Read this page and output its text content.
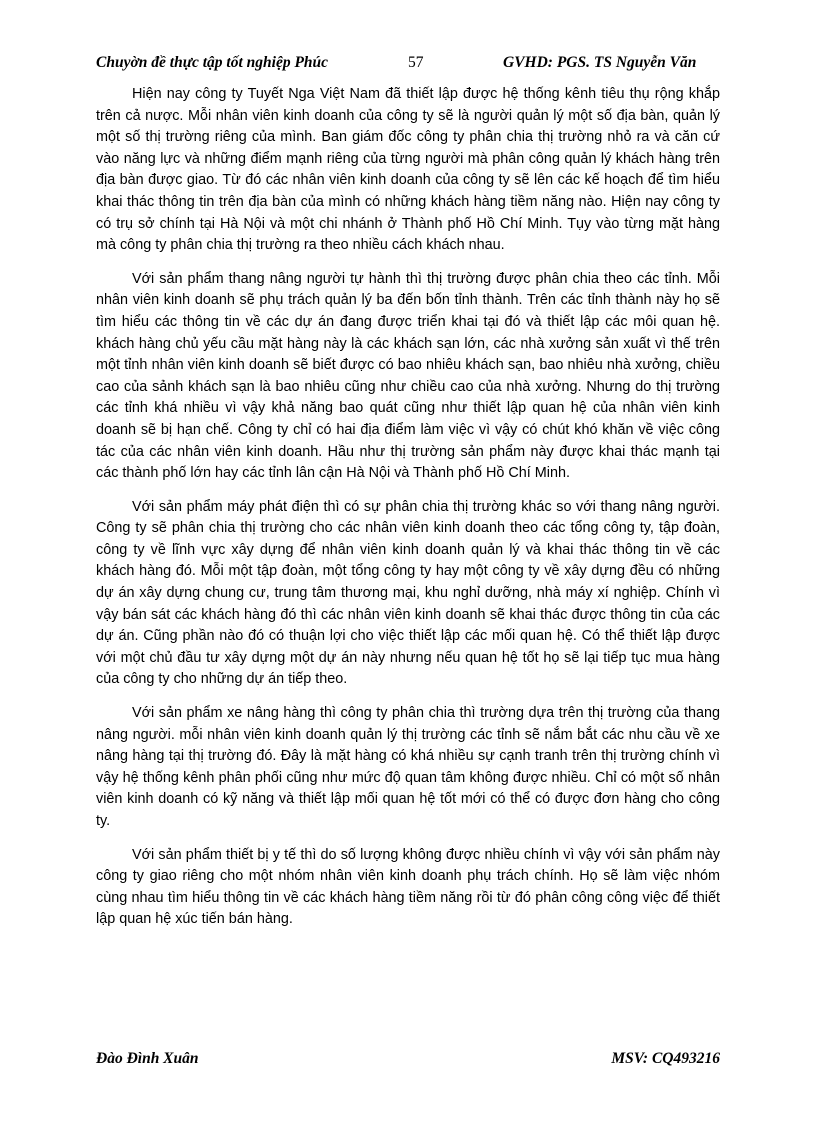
Chuyờn đề thực tập tốt nghiệp Phúc	57	GVHD: PGS. TS Nguyễn Văn

Hiện nay công ty Tuyết Nga Việt Nam đã thiết lập được hệ thống kênh tiêu thụ rộng khắp trên cả nược. Mỗi nhân viên kinh doanh của công ty sẽ là người quản lý một số địa bàn, quản lý một số thị trường riêng của mình. Ban giám đốc công ty phân chia thị trường nhỏ ra và căn cứ vào năng lực và những điểm mạnh riêng của từng người mà phân công quản lý khách hàng trên địa bàn được giao. Từ đó các nhân viên kinh doanh của công ty sẽ lên các kế hoạch để tìm hiểu khai thác thông tin trên địa bàn của mình có những khách hàng tiềm năng nào. Hiện nay công ty có trụ sở chính tại Hà Nội và một chi nhánh ở Thành phố Hồ Chí Minh. Tụy vào từng mặt hàng mà công ty phân chia thị trường ra theo nhiều cách khách nhau.

Với sản phẩm thang nâng người tự hành thì thị trường được phân chia theo các tỉnh. Mỗi nhân viên kinh doanh sẽ phụ trách quản lý ba đến bốn tỉnh thành. Trên các tỉnh thành này họ sẽ tìm hiểu các thông tin về các dự án đang được triển khai tại đó và thiết lập các môi quan hệ. khách hàng chủ yếu cầu mặt hàng này là các khách sạn lớn, các nhà xưởng sản xuất vì thế trên một tỉnh nhân viên kinh doanh sẽ biết được có bao nhiêu khách sạn, bao nhiêu nhà xưởng, chiều cao của sảnh khách sạn là bao nhiêu cũng như chiều cao của nhà xưởng. Nhưng do thị trường các tỉnh khá nhiều vì vậy khả năng bao quát cũng như thiết lập quan hệ của nhân viên kinh doanh sẽ bị hạn chế. Công ty chỉ có hai địa điểm làm việc vì vậy có chút khó khăn về việc công tác của các nhân viên kinh doanh. Hầu như thị trường sản phẩm này được khai thác mạnh tại các thành phố lớn hay các tỉnh lân cận Hà Nội và Thành phố Hồ Chí Minh.

Với sản phẩm máy phát điện thì có sự phân chia thị trường khác so với thang nâng người. Công ty sẽ phân chia thị trường cho các nhân viên kinh doanh theo các tổng công ty, tập đoàn, công ty về lĩnh vực xây dựng để nhân viên kinh doanh quản lý và khai thác thông tin về các khách hàng đó. Mỗi một tập đoàn, một tổng công ty hay một công ty về xây dựng đều có những dự án xây dựng chung cư, trung tâm thương mại, khu nghỉ dưỡng, nhà máy xí nghiệp. Chính vì vậy bán sát các khách hàng đó thì các nhân viên kinh doanh sẽ khai thác được thông tin của các dự án. Cũng phần nào đó có thuận lợi cho việc thiết lập các mối quan hệ. Có thể thiết lập được với một chủ đầu tư xây dựng một dự án này nhưng nếu quan hệ tốt họ sẽ lại tiếp tục mua hàng của công ty cho những dự án tiếp theo.

Với sản phẩm xe nâng hàng thì công ty phân chia thì trường dựa trên thị trường của thang nâng người. mỗi nhân viên kinh doanh quản lý thị trường các tỉnh sẽ nắm bắt các nhu cầu về xe nâng hàng tại thị trường đó. Đây là mặt hàng có khá nhiều sự cạnh tranh trên thị trường chính vì vậy hệ thống kênh phân phối cũng như mức độ quan tâm không được nhiều. Chỉ có một số nhân viên kinh doanh có kỹ năng và thiết lập mối quan hệ tốt mới có thể có được đơn hàng cho công ty.

Với sản phẩm thiết bị y tế thì do số lượng không được nhiều chính vì vậy với sản phẩm này công ty giao riêng cho một nhóm nhân viên kinh doanh phụ trách chính. Họ sẽ làm việc nhóm cùng nhau tìm hiểu thông tin về các khách hàng tiềm năng rồi từ đó phân công công việc để thiết lập quan hệ xúc tiến bán hàng.

Đào Đình Xuân	MSV: CQ493216
